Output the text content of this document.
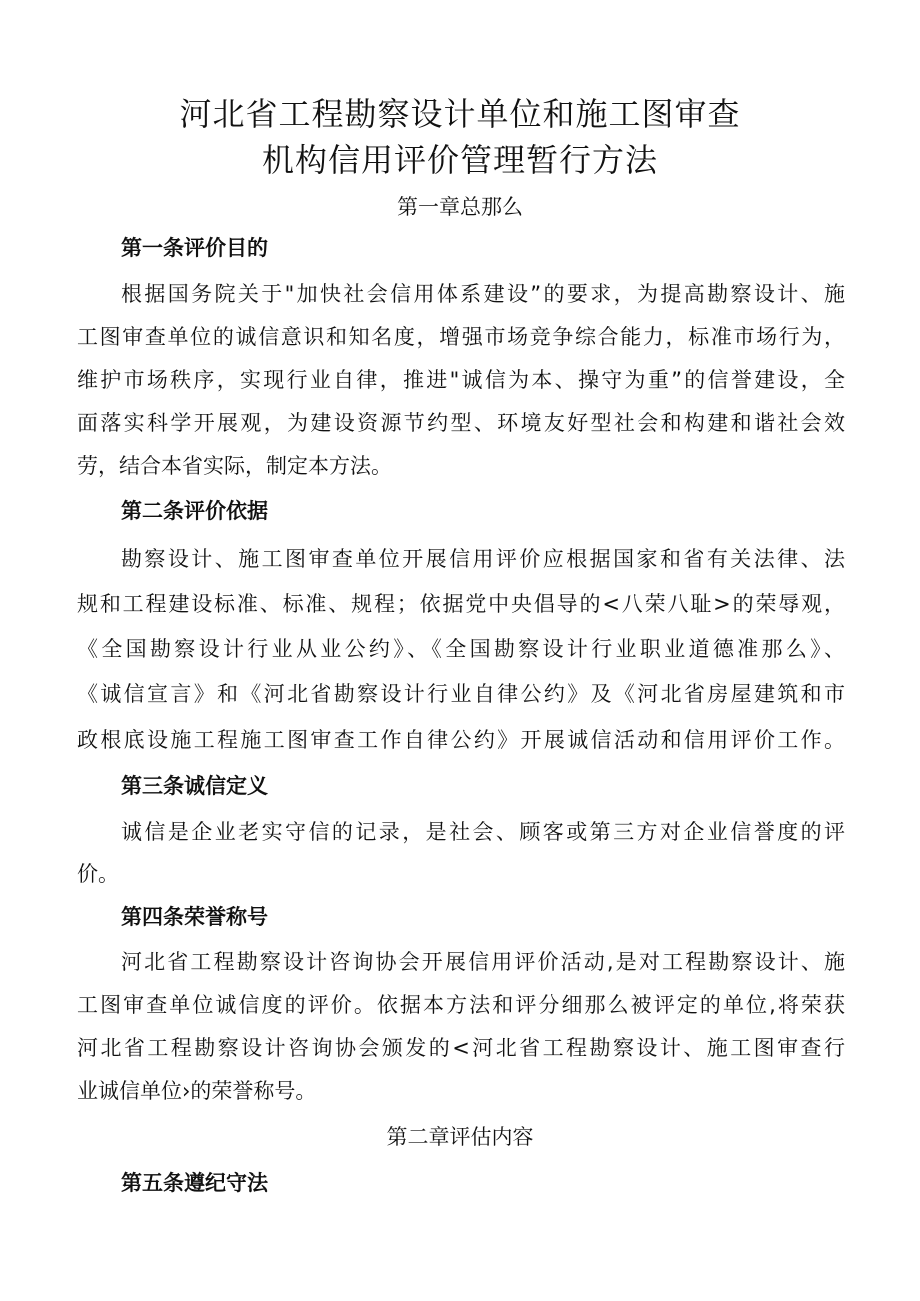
河北省工程勘察设计单位和施工图审查
机构信用评价管理暂行方法
第一章总那么
第一条评价目的
根据国务院关于"加快社会信用体系建设”的要求，为提高勘察设计、施
工图审查单位的诚信意识和知名度，增强市场竞争综合能力，标准市场行为，
维护市场秩序，实现行业自律，推进"诚信为本、操守为重”的信誉建设，全
面落实科学开展观，为建设资源节约型、环境友好型社会和构建和谐社会效
劳，结合本省实际，制定本方法。
第二条评价依据
勘察设计、施工图审查单位开展信用评价应根据国家和省有关法律、法
规和工程建设标准、标准、规程；依据党中央倡导的<八荣八耻>的荣辱观，
《全国勘察设计行业从业公约》、《全国勘察设计行业职业道德准那么》、
《诚信宣言》和《河北省勘察设计行业自律公约》及《河北省房屋建筑和市
政根底设施工程施工图审查工作自律公约》开展诚信活动和信用评价工作。
第三条诚信定义
诚信是企业老实守信的记录，是社会、顾客或第三方对企业信誉度的评
价。
第四条荣誉称号
河北省工程勘察设计咨询协会开展信用评价活动,是对工程勘察设计、施
工图审查单位诚信度的评价。依据本方法和评分细那么被评定的单位,将荣获
河北省工程勘察设计咨询协会颁发的<河北省工程勘察设计、施工图审查行
业诚信单位›的荣誉称号。
第二章评估内容
第五条遵纪守法
